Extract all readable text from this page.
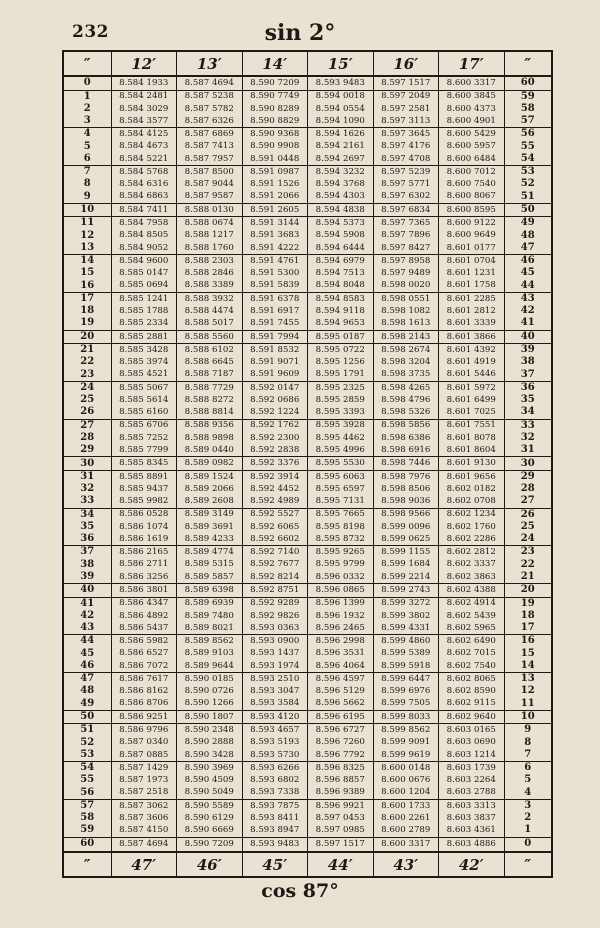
232	sin 2°
″	12′	13′	14′	15′	16′	17′	″
0	8.584 1933	8.587 4694	8.590 7209	8.593 9483	8.597 1517	8.600 3317	60
1	8.584 2481	8.587 5238	8.590 7749	8.594 0018	8.597 2049	8.600 3845	59
2	8.584 3029	8.587 5782	8.590 8289	8.594 0554	8.597 2581	8.600 4373	58
3	8.584 3577	8.587 6326	8.590 8829	8.594 1090	8.597 3113	8.600 4901	57
4	8.584 4125	8.587 6869	8.590 9368	8.594 1626	8.597 3645	8.600 5429	56
5	8.584 4673	8.587 7413	8.590 9908	8.594 2161	8.597 4176	8.600 5957	55
6	8.584 5221	8.587 7957	8.591 0448	8.594 2697	8.597 4708	8.600 6484	54
7	8.584 5768	8.587 8500	8.591 0987	8.594 3232	8.597 5239	8.600 7012	53
8	8.584 6316	8.587 9044	8.591 1526	8.594 3768	8.597 5771	8.600 7540	52
9	8.584 6863	8.587 9587	8.591 2066	8.594 4303	8.597 6302	8.600 8067	51
10	8.584 7411	8.588 0130	8.591 2605	8.594 4838	8.597 6834	8.600 8595	50
11	8.584 7958	8.588 0674	8.591 3144	8.594 5373	8.597 7365	8.600 9122	49
12	8.584 8505	8.588 1217	8.591 3683	8.594 5908	8.597 7896	8.600 9649	48
13	8.584 9052	8.588 1760	8.591 4222	8.594 6444	8.597 8427	8.601 0177	47
14	8.584 9600	8.588 2303	8.591 4761	8.594 6979	8.597 8958	8.601 0704	46
15	8.585 0147	8.588 2846	8.591 5300	8.594 7513	8.597 9489	8.601 1231	45
16	8.585 0694	8.588 3389	8.591 5839	8.594 8048	8.598 0020	8.601 1758	44
17	8.585 1241	8.588 3932	8.591 6378	8.594 8583	8.598 0551	8.601 2285	43
18	8.585 1788	8.588 4474	8.591 6917	8.594 9118	8.598 1082	8.601 2812	42
19	8.585 2334	8.588 5017	8.591 7455	8.594 9653	8.598 1613	8.601 3339	41
20	8.585 2881	8.588 5560	8.591 7994	8.595 0187	8.598 2143	8.601 3866	40
21	8.585 3428	8.588 6102	8.591 8532	8.595 0722	8.598 2674	8.601 4392	39
22	8.585 3974	8.588 6645	8.591 9071	8.595 1256	8.598 3204	8.601 4919	38
23	8.585 4521	8.588 7187	8.591 9609	8.595 1791	8.598 3735	8.601 5446	37
24	8.585 5067	8.588 7729	8.592 0147	8.595 2325	8.598 4265	8.601 5972	36
25	8.585 5614	8.588 8272	8.592 0686	8.595 2859	8.598 4796	8.601 6499	35
26	8.585 6160	8.588 8814	8.592 1224	8.595 3393	8.598 5326	8.601 7025	34
27	8.585 6706	8.588 9356	8.592 1762	8.595 3928	8.598 5856	8.601 7551	33
28	8.585 7252	8.588 9898	8.592 2300	8.595 4462	8.598 6386	8.601 8078	32
29	8.585 7799	8.589 0440	8.592 2838	8.595 4996	8.598 6916	8.601 8604	31
30	8.585 8345	8.589 0982	8.592 3376	8.595 5530	8.598 7446	8.601 9130	30
31	8.585 8891	8.589 1524	8.592 3914	8.595 6063	8.598 7976	8.601 9656	29
32	8.585 9437	8.589 2066	8.592 4452	8.595 6597	8.598 8506	8.602 0182	28
33	8.585 9982	8.589 2608	8.592 4989	8.595 7131	8.598 9036	8.602 0708	27
34	8.586 0528	8.589 3149	8.592 5527	8.595 7665	8.598 9566	8.602 1234	26
35	8.586 1074	8.589 3691	8.592 6065	8.595 8198	8.599 0096	8.602 1760	25
36	8.586 1619	8.589 4233	8.592 6602	8.595 8732	8.599 0625	8.602 2286	24
37	8.586 2165	8.589 4774	8.592 7140	8.595 9265	8.599 1155	8.602 2812	23
38	8.586 2711	8.589 5315	8.592 7677	8.595 9799	8.599 1684	8.602 3337	22
39	8.586 3256	8.589 5857	8.592 8214	8.596 0332	8.599 2214	8.602 3863	21
40	8.586 3801	8.589 6398	8.592 8751	8.596 0865	8.599 2743	8.602 4388	20
41	8.586 4347	8.589 6939	8.592 9289	8.596 1399	8.599 3272	8.602 4914	19
42	8.586 4892	8.589 7480	8.592 9826	8.596 1932	8.599 3802	8.602 5439	18
43	8.586 5437	8.589 8021	8.593 0363	8.596 2465	8.599 4331	8.602 5965	17
44	8.586 5982	8.589 8562	8.593 0900	8.596 2998	8.599 4860	8.602 6490	16
45	8.586 6527	8.589 9103	8.593 1437	8.596 3531	8.599 5389	8.602 7015	15
46	8.586 7072	8.589 9644	8.593 1974	8.596 4064	8.599 5918	8.602 7540	14
47	8.586 7617	8.590 0185	8.593 2510	8.596 4597	8.599 6447	8.602 8065	13
48	8.586 8162	8.590 0726	8.593 3047	8.596 5129	8.599 6976	8.602 8590	12
49	8.586 8706	8.590 1266	8.593 3584	8.596 5662	8.599 7505	8.602 9115	11
50	8.586 9251	8.590 1807	8.593 4120	8.596 6195	8.599 8033	8.602 9640	10
51	8.586 9796	8.590 2348	8.593 4657	8.596 6727	8.599 8562	8.603 0165	9
52	8.587 0340	8.590 2888	8.593 5193	8.596 7260	8.599 9091	8.603 0690	8
53	8.587 0885	8.590 3428	8.593 5730	8.596 7792	8.599 9619	8.603 1214	7
54	8.587 1429	8.590 3969	8.593 6266	8.596 8325	8.600 0148	8.603 1739	6
55	8.587 1973	8.590 4509	8.593 6802	8.596 8857	8.600 0676	8.603 2264	5
56	8.587 2518	8.590 5049	8.593 7338	8.596 9389	8.600 1204	8.603 2788	4
57	8.587 3062	8.590 5589	8.593 7875	8.596 9921	8.600 1733	8.603 3313	3
58	8.587 3606	8.590 6129	8.593 8411	8.597 0453	8.600 2261	8.603 3837	2
59	8.587 4150	8.590 6669	8.593 8947	8.597 0985	8.600 2789	8.603 4361	1
60	8.587 4694	8.590 7209	8.593 9483	8.597 1517	8.600 3317	8.603 4886	0
″	47′	46′	45′	44′	43′	42′	″
cos 87°
